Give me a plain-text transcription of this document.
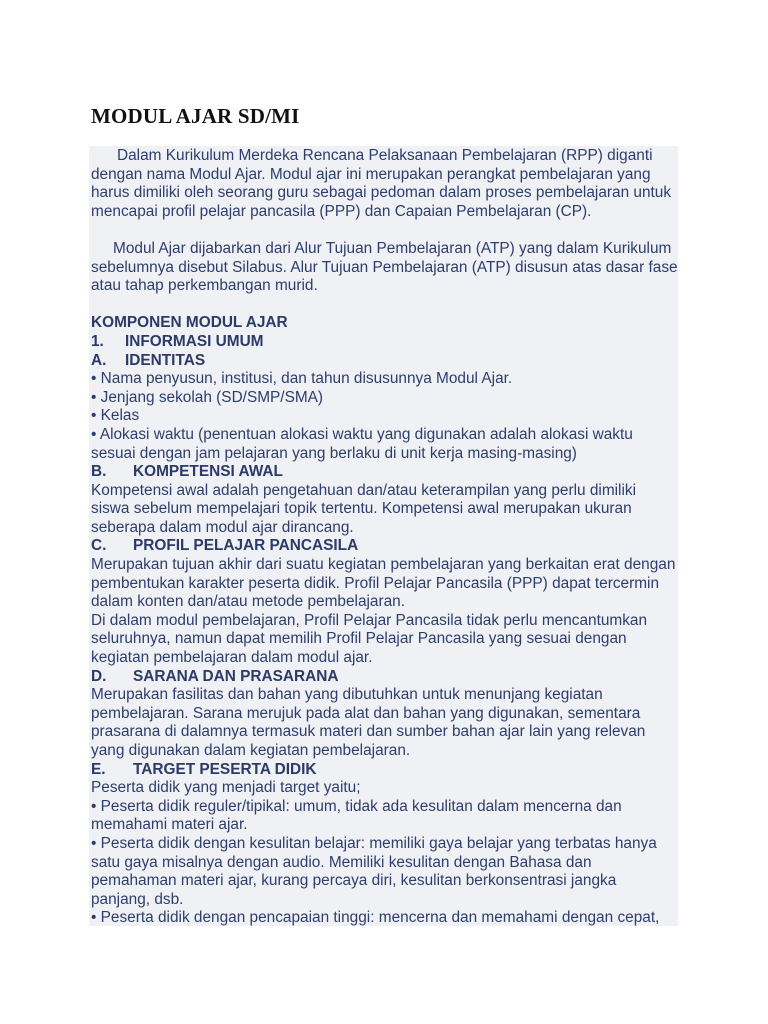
MODUL AJAR SD/MI

Dalam Kurikulum Merdeka Rencana Pelaksanaan Pembelajaran (RPP) diganti dengan nama Modul Ajar. Modul ajar ini merupakan perangkat pembelajaran yang harus dimiliki oleh seorang guru sebagai pedoman dalam proses pembelajaran untuk mencapai profil pelajar pancasila (PPP) dan Capaian Pembelajaran (CP).

Modul Ajar dijabarkan dari Alur Tujuan Pembelajaran (ATP) yang dalam Kurikulum sebelumnya disebut Silabus. Alur Tujuan Pembelajaran (ATP) disusun atas dasar fase atau tahap perkembangan murid.

KOMPONEN MODUL AJAR

1. INFORMASI UMUM

A. IDENTITAS

• Nama penyusun, institusi, dan tahun disusunnya Modul Ajar.

• Jenjang sekolah (SD/SMP/SMA)

• Kelas

• Alokasi waktu (penentuan alokasi waktu yang digunakan adalah alokasi waktu sesuai dengan jam pelajaran yang berlaku di unit kerja masing-masing)

B. KOMPETENSI AWAL

Kompetensi awal adalah pengetahuan dan/atau keterampilan yang perlu dimiliki siswa sebelum mempelajari topik tertentu. Kompetensi awal merupakan ukuran seberapa dalam modul ajar dirancang.

C. PROFIL PELAJAR PANCASILA

Merupakan tujuan akhir dari suatu kegiatan pembelajaran yang berkaitan erat dengan pembentukan karakter peserta didik. Profil Pelajar Pancasila (PPP) dapat tercermin dalam konten dan/atau metode pembelajaran.

Di dalam modul pembelajaran, Profil Pelajar Pancasila tidak perlu mencantumkan seluruhnya, namun dapat memilih Profil Pelajar Pancasila yang sesuai dengan kegiatan pembelajaran dalam modul ajar.

D. SARANA DAN PRASARANA

Merupakan fasilitas dan bahan yang dibutuhkan untuk menunjang kegiatan pembelajaran. Sarana merujuk pada alat dan bahan yang digunakan, sementara prasarana di dalamnya termasuk materi dan sumber bahan ajar lain yang relevan yang digunakan dalam kegiatan pembelajaran.

E. TARGET PESERTA DIDIK

Peserta didik yang menjadi target yaitu;

• Peserta didik reguler/tipikal: umum, tidak ada kesulitan dalam mencerna dan memahami materi ajar.

• Peserta didik dengan kesulitan belajar: memiliki gaya belajar yang terbatas hanya satu gaya misalnya dengan audio. Memiliki kesulitan dengan Bahasa dan pemahaman materi ajar, kurang percaya diri, kesulitan berkonsentrasi jangka panjang, dsb.

• Peserta didik dengan pencapaian tinggi: mencerna dan memahami dengan cepat,
